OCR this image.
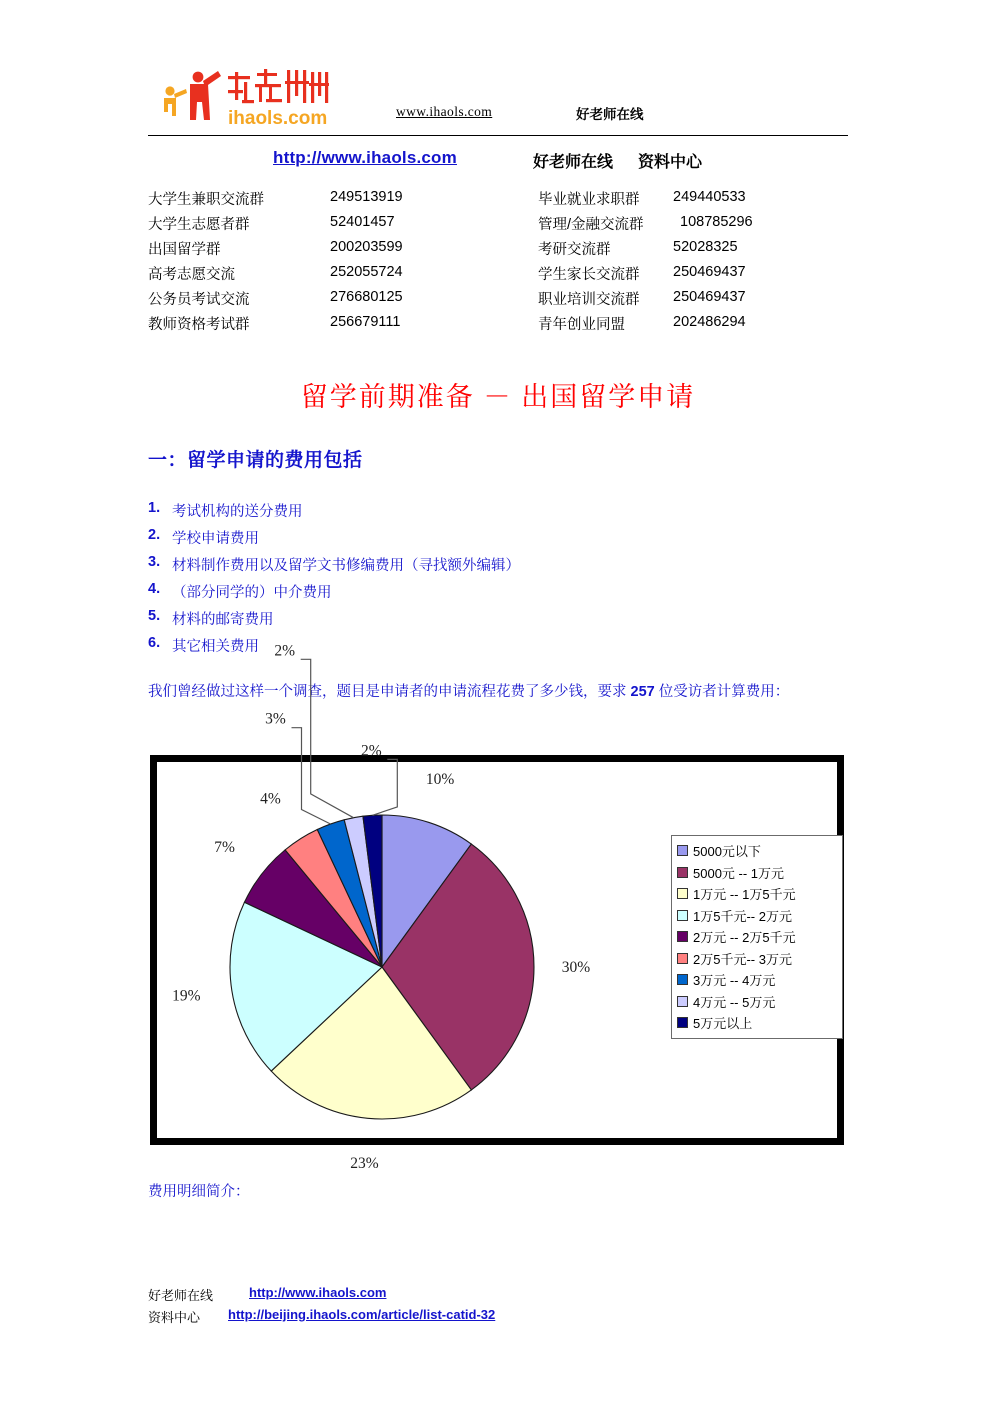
ihaols.com	www.ihaols.com	好老师在线
http://www.ihaols.com	好老师在线 资料中心
大学生兼职交流群	249513919	毕业就业求职群 249440533
大学生志愿者群	52401457	管理/金融交流群	108785296
出国留学群	200203599	考研交流群	52028325
高考志愿交流	252055724	学生家长交流群 250469437
公务员考试交流	276680125	职业培训交流群 250469437
教师资格考试群	256679111	青年创业同盟	202486294
留学前期准备 － 出国留学申请
一：留学申请的费用包括
1. 考试机构的送分费用
2. 学校申请费用
3. 材料制作费用以及留学文书修编费用（寻找额外编辑）
4. （部分同学的）中介费用
5. 材料的邮寄费用
6. 其它相关费用
我们曾经做过这样一个调查，题目是申请者的申请流程花费了多少钱，要求 257 位受访者计算费用：
10%
30%
23%
19%
7%
4%
3%
2%
2%
5000元以下
5000元 -- 1万元
1万元 -- 1万5千元
1万5千元-- 2万元
2万元 -- 2万5千元
2万5千元-- 3万元
3万元 -- 4万元
4万元 -- 5万元
5万元以上
费用明细简介：
好老师在线	http://www.ihaols.com
资料中心 http://beijing.ihaols.com/article/list-catid-32
